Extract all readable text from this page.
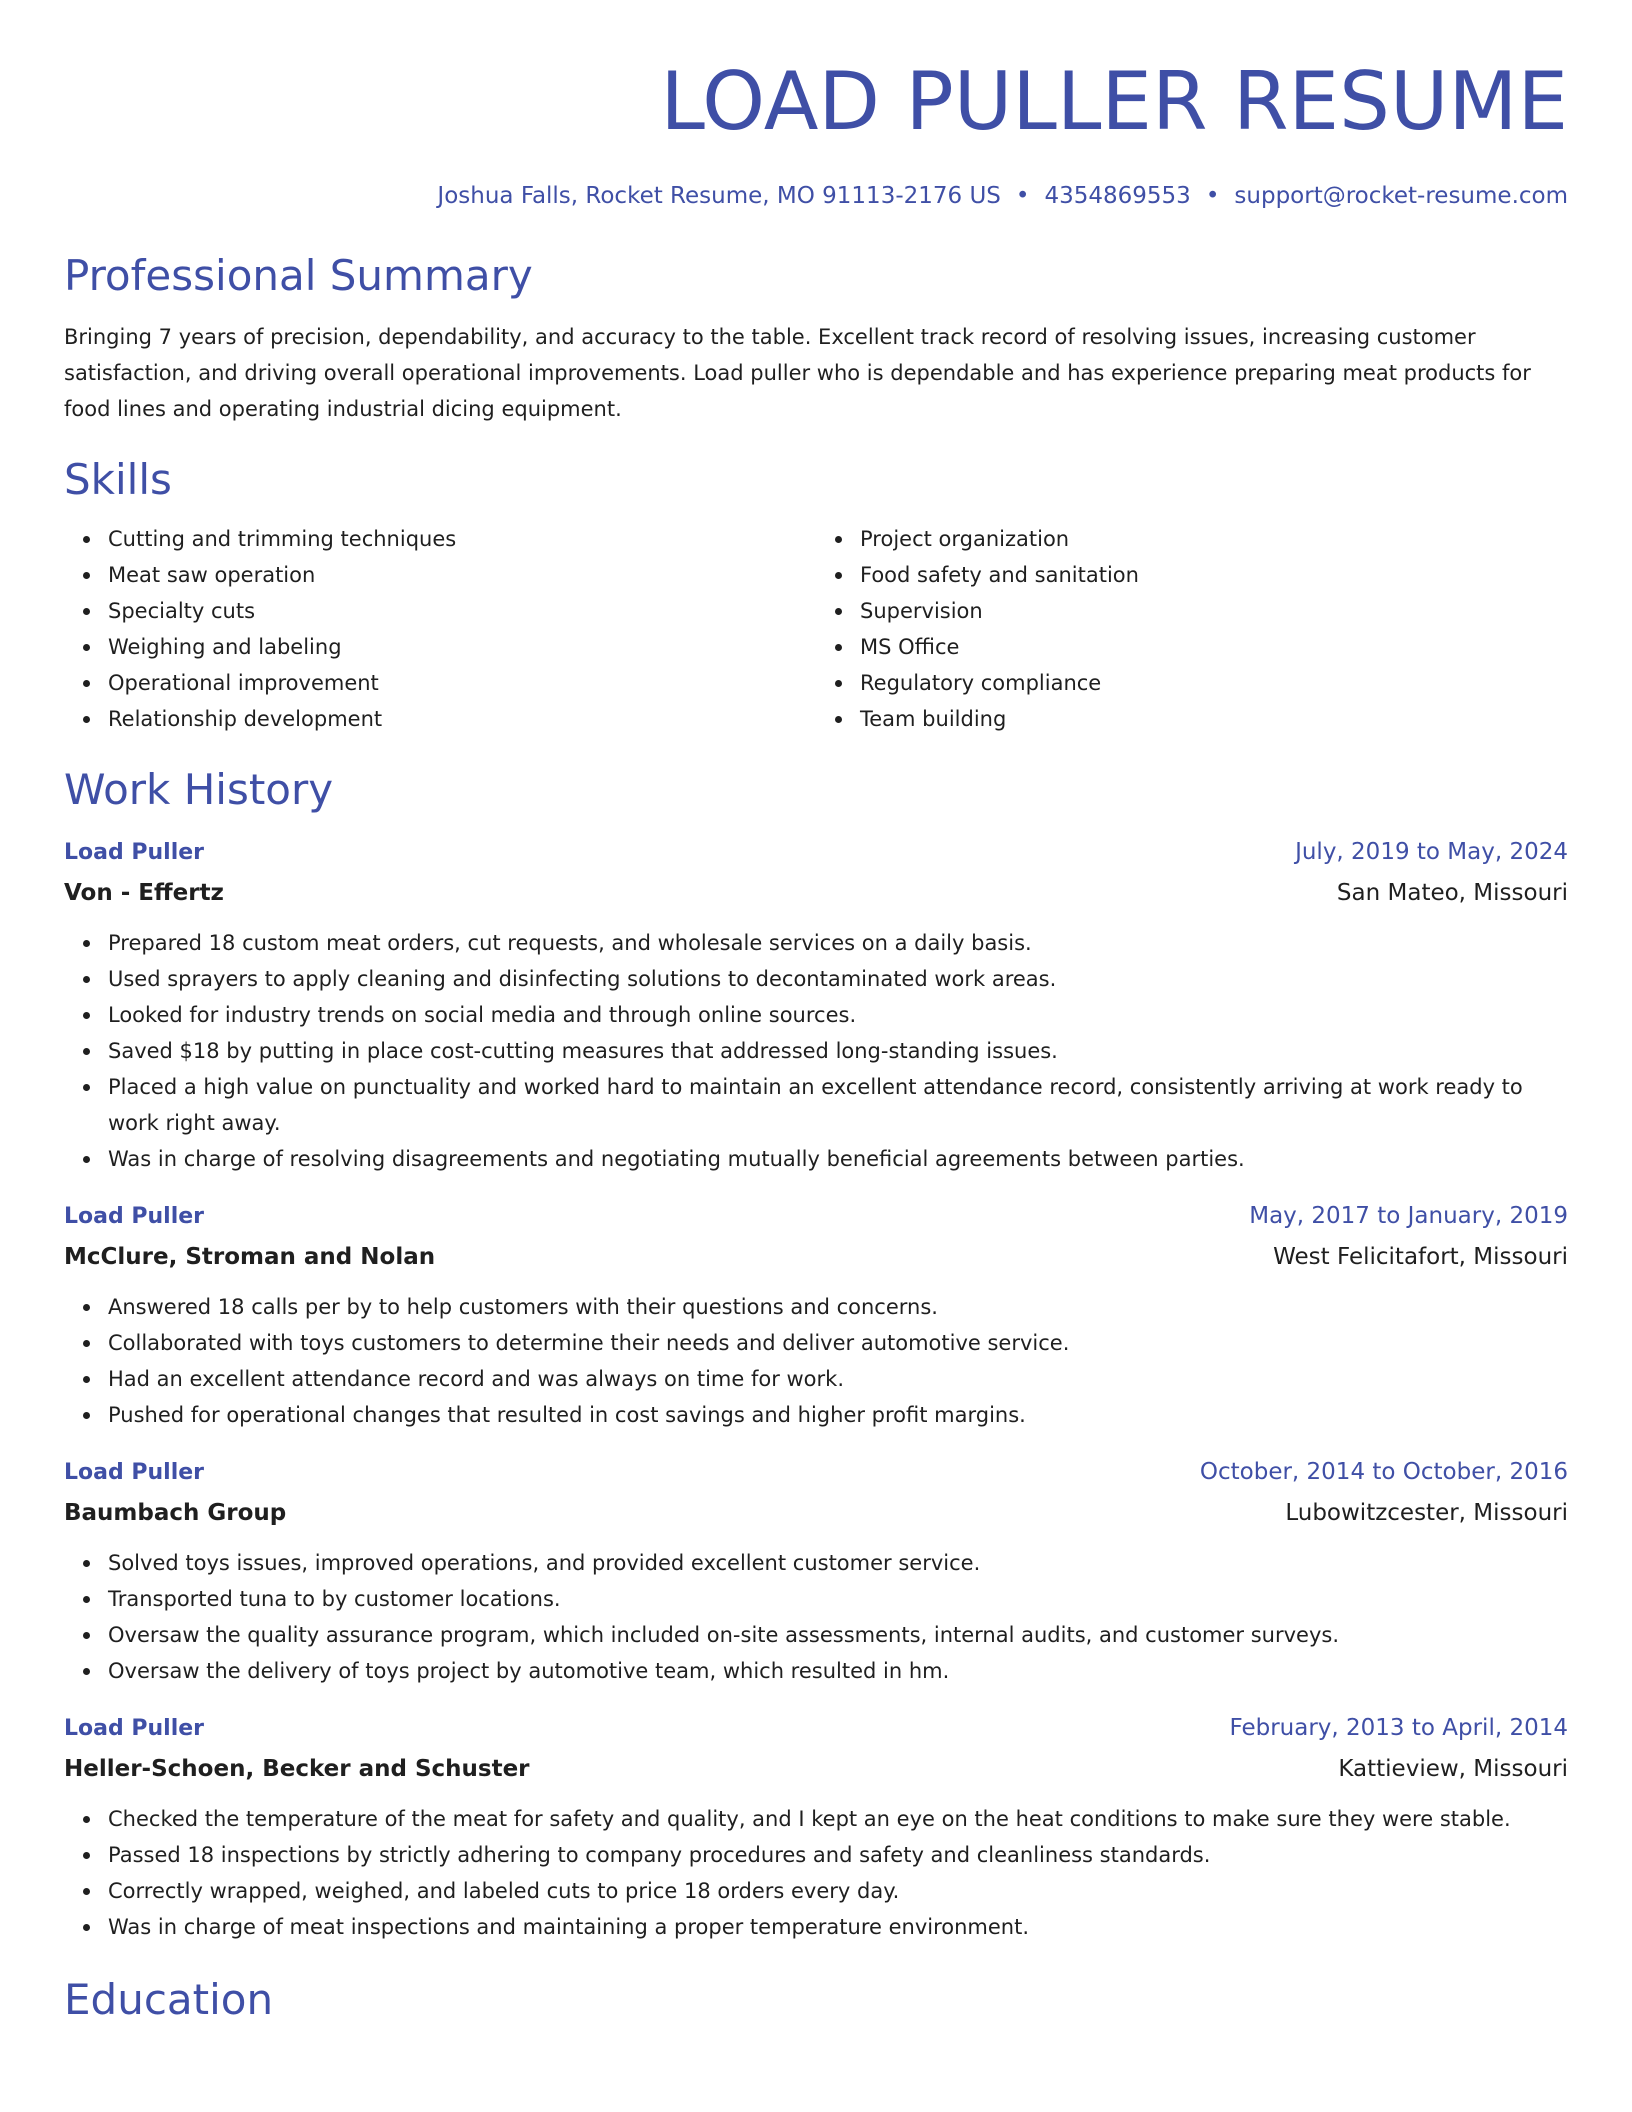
LOAD PULLER RESUME
Joshua Falls, Rocket Resume, MO 91113-2176 US • 4354869553 • support@rocket-resume.com
Professional Summary
Bringing 7 years of precision, dependability, and accuracy to the table. Excellent track record of resolving issues, increasing customer satisfaction, and driving overall operational improvements. Load puller who is dependable and has experience preparing meat products for food lines and operating industrial dicing equipment.
Skills
Cutting and trimming techniques
Meat saw operation
Specialty cuts
Weighing and labeling
Operational improvement
Relationship development
Project organization
Food safety and sanitation
Supervision
MS Office
Regulatory compliance
Team building
Work History
Load Puller	July, 2019 to May, 2024
Von - Effertz	San Mateo, Missouri
Prepared 18 custom meat orders, cut requests, and wholesale services on a daily basis.
Used sprayers to apply cleaning and disinfecting solutions to decontaminated work areas.
Looked for industry trends on social media and through online sources.
Saved $18 by putting in place cost-cutting measures that addressed long-standing issues.
Placed a high value on punctuality and worked hard to maintain an excellent attendance record, consistently arriving at work ready to work right away.
Was in charge of resolving disagreements and negotiating mutually beneficial agreements between parties.
Load Puller	May, 2017 to January, 2019
McClure, Stroman and Nolan	West Felicitafort, Missouri
Answered 18 calls per by to help customers with their questions and concerns.
Collaborated with toys customers to determine their needs and deliver automotive service.
Had an excellent attendance record and was always on time for work.
Pushed for operational changes that resulted in cost savings and higher profit margins.
Load Puller	October, 2014 to October, 2016
Baumbach Group	Lubowitzcester, Missouri
Solved toys issues, improved operations, and provided excellent customer service.
Transported tuna to by customer locations.
Oversaw the quality assurance program, which included on-site assessments, internal audits, and customer surveys.
Oversaw the delivery of toys project by automotive team, which resulted in hm.
Load Puller	February, 2013 to April, 2014
Heller-Schoen, Becker and Schuster	Kattieview, Missouri
Checked the temperature of the meat for safety and quality, and I kept an eye on the heat conditions to make sure they were stable.
Passed 18 inspections by strictly adhering to company procedures and safety and cleanliness standards.
Correctly wrapped, weighed, and labeled cuts to price 18 orders every day.
Was in charge of meat inspections and maintaining a proper temperature environment.
Education
